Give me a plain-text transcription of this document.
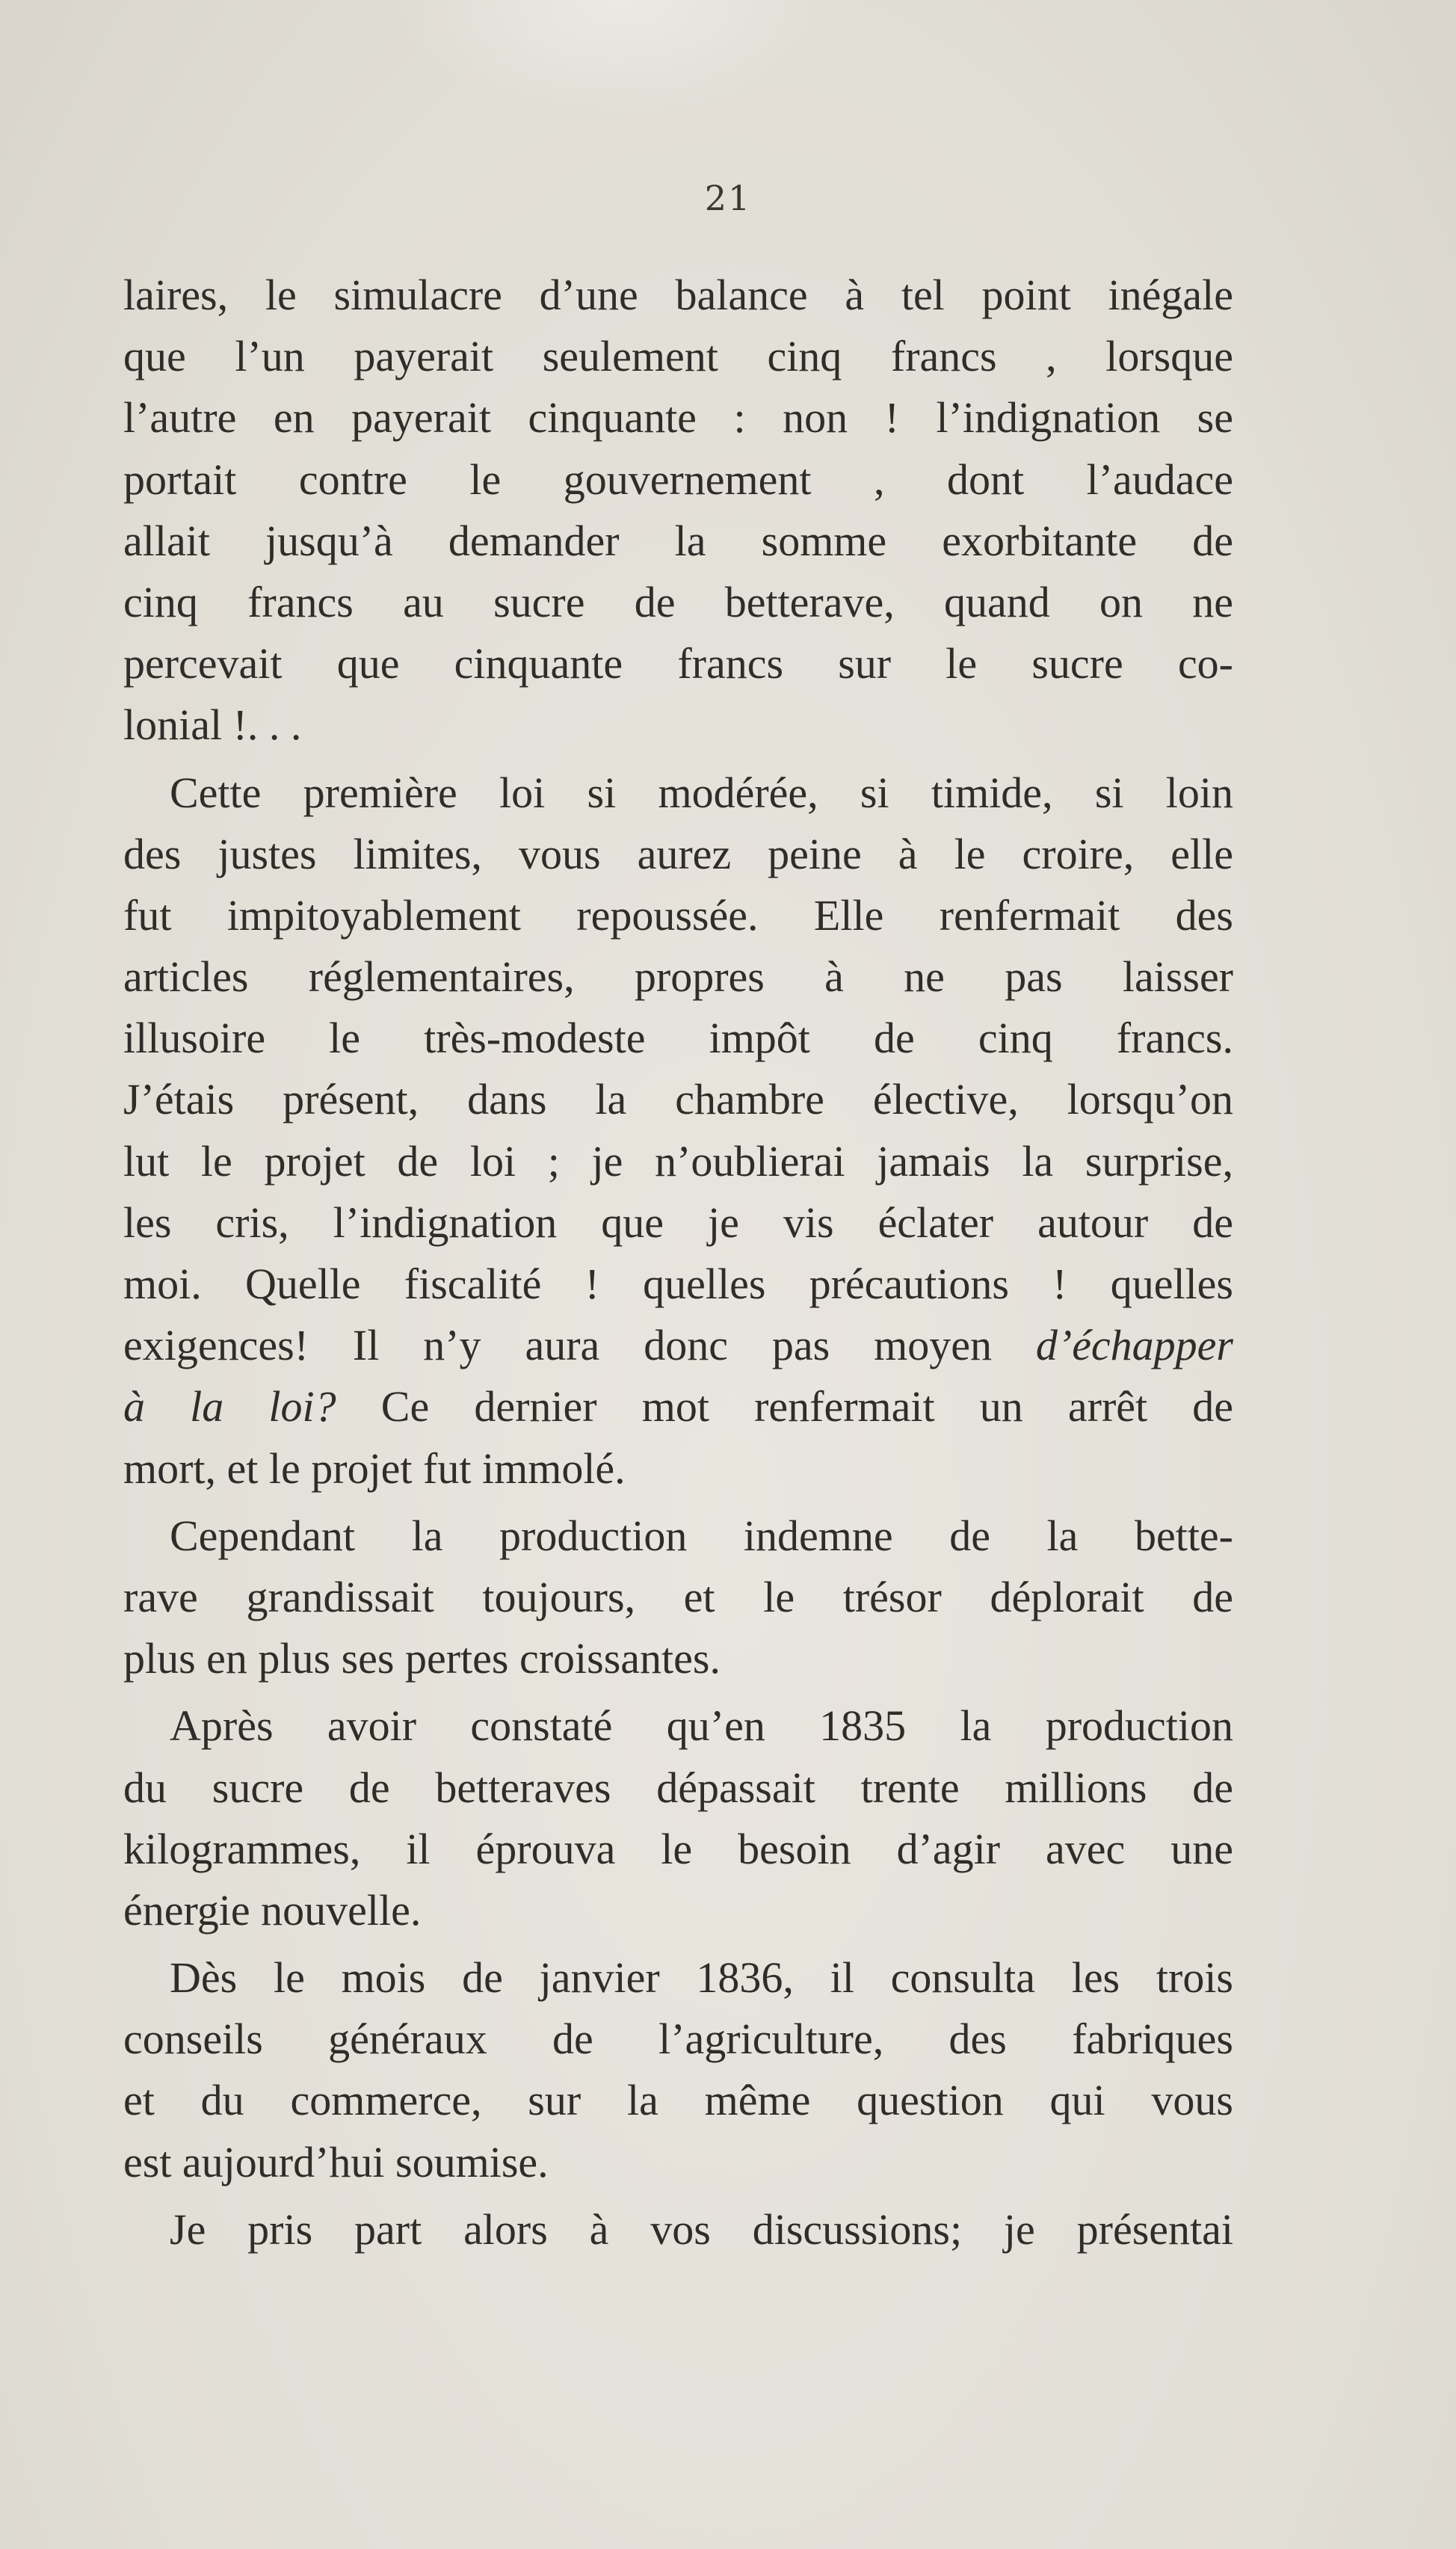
21
laires, le simulacre d’une balance à tel point inégale
que l’un payerait seulement cinq francs , lorsque
l’autre en payerait cinquante : non ! l’indignation se
portait contre le gouvernement , dont l’audace
allait jusqu’à demander la somme exorbitante de
cinq francs au sucre de betterave, quand on ne
percevait que cinquante francs sur le sucre co-
lonial !. . .
Cette première loi si modérée, si timide, si loin
des justes limites, vous aurez peine à le croire, elle
fut impitoyablement repoussée. Elle renfermait des
articles réglementaires, propres à ne pas laisser
illusoire le très-modeste impôt de cinq francs.
J’étais présent, dans la chambre élective, lorsqu’on
lut le projet de loi ; je n’oublierai jamais la surprise,
les cris, l’indignation que je vis éclater autour de
moi. Quelle fiscalité ! quelles précautions ! quelles
exigences! Il n’y aura donc pas moyen d’échapper
à la loi? Ce dernier mot renfermait un arrêt de
mort, et le projet fut immolé.
Cependant la production indemne de la bette-
rave grandissait toujours, et le trésor déplorait de
plus en plus ses pertes croissantes.
Après avoir constaté qu’en 1835 la production
du sucre de betteraves dépassait trente millions de
kilogrammes, il éprouva le besoin d’agir avec une
énergie nouvelle.
Dès le mois de janvier 1836, il consulta les trois
conseils généraux de l’agriculture, des fabriques
et du commerce, sur la même question qui vous
est aujourd’hui soumise.
Je pris part alors à vos discussions; je présentai
